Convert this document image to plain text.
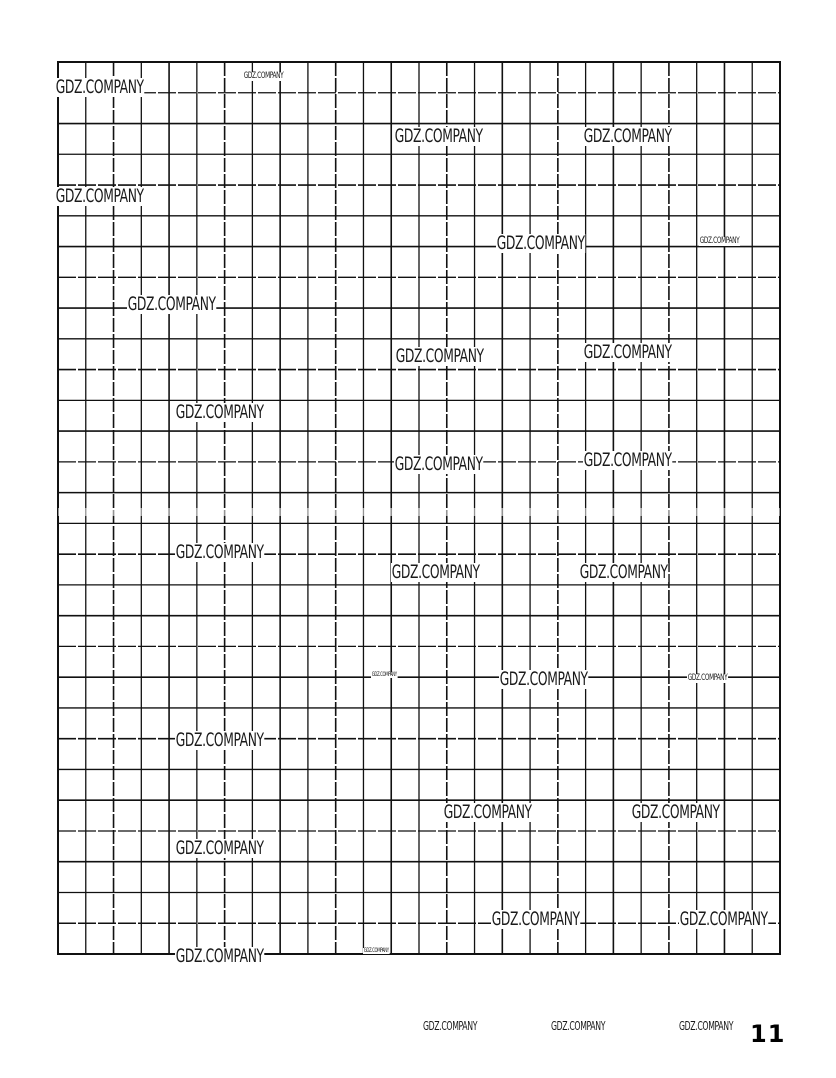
GDZ.COMPANY	GDZ.COMPANY
GDZ.COMPANY	GDZ.COMPANY
GDZ.COMPANY
GDZ.COMPANY	GDZ.COMPANY
GDZ.COMPANY
GDZ.COMPANY	GDZ.COMPANY
GDZ.COMPANY
GDZ.COMPANY	GDZ.COMPANY
GDZ.COMPANY
GDZ.COMPANY	GDZ.COMPANY
GDZ.COMPANY	GDZ.COMPANY	GDZ.COMPANY
GDZ.COMPANY
GDZ.COMPANY	GDZ.COMPANY
GDZ.COMPANY
GDZ.COMPANY	GDZ.COMPANY
GDZ.COMPANY
GDZ.COMPANY
GDZ.COMPANY	GDZ.COMPANY	GDZ.COMPANY 11
